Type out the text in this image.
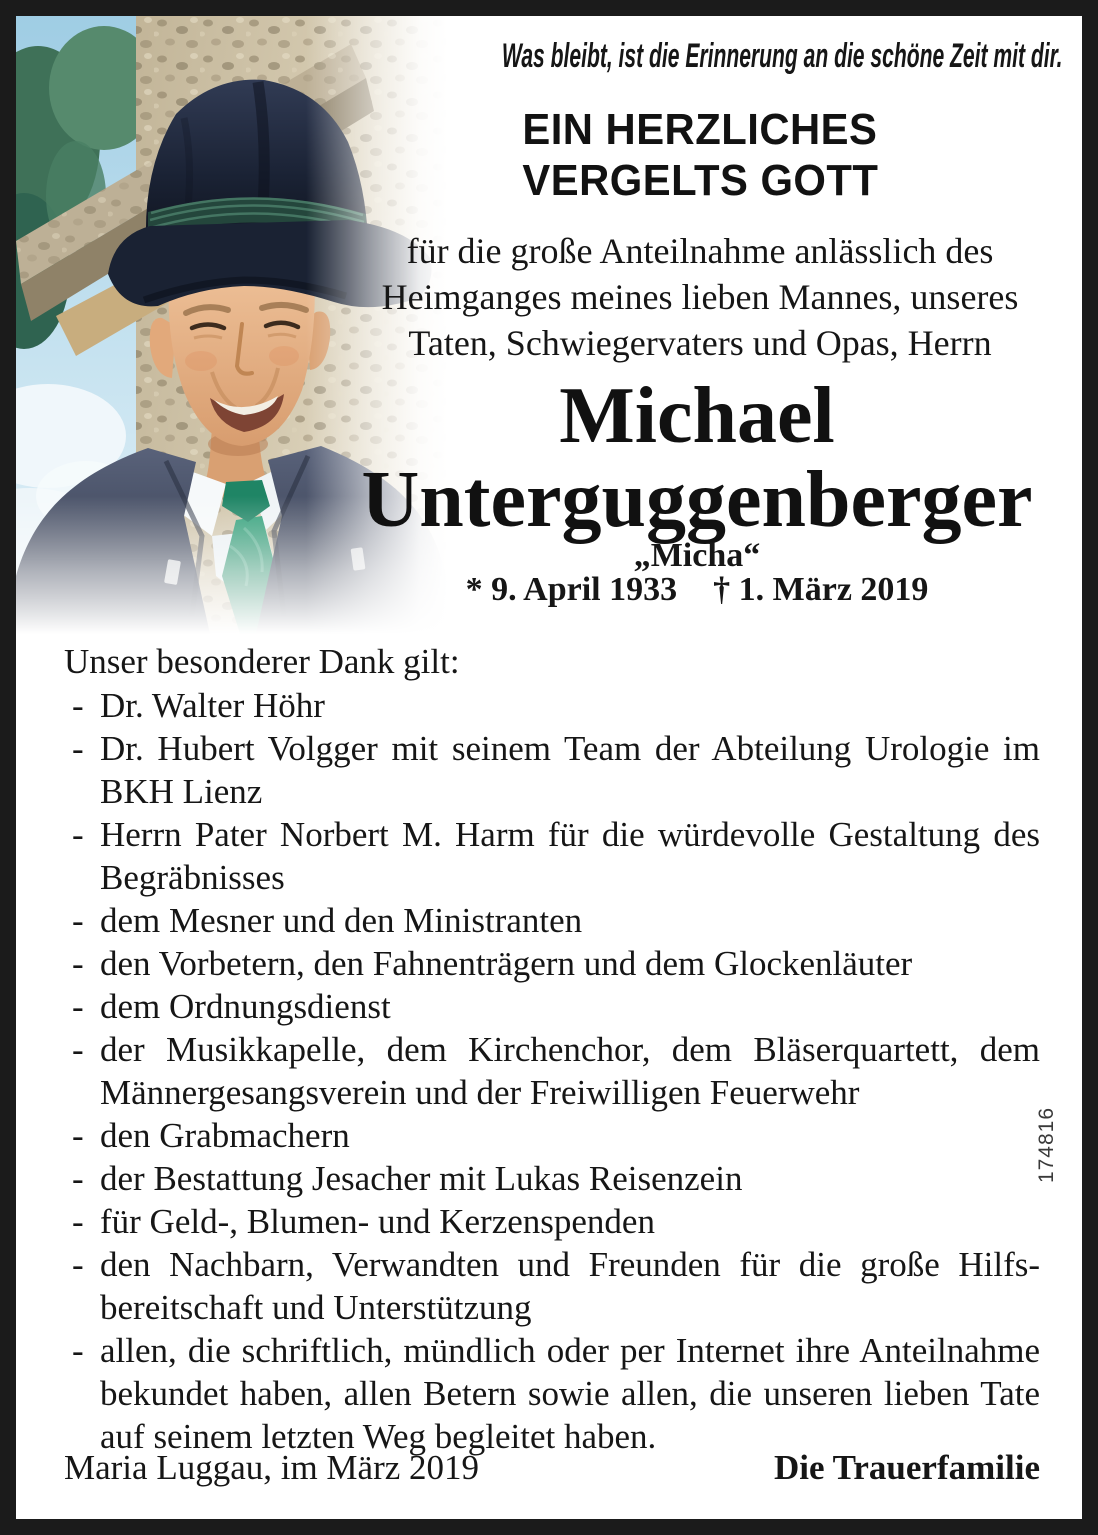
Was bleibt, ist die Erinnerung an die schöne Zeit mit dir.
EIN HERZLICHES
VERGELTS GOTT
für die große Anteilnahme anlässlich des
Heimganges meines lieben Mannes, unseres
Taten, Schwiegervaters und Opas, Herrn
Michael
Unterguggenberger
„Micha“
* 9. April 1933 † 1. März 2019
Unser besonderer Dank gilt:
- Dr. Walter Höhr
- Dr. Hubert Volgger mit seinem Team der Abteilung Urologie im BKH Lienz
- Herrn Pater Norbert M. Harm für die würdevolle Gestaltung des Begräbnisses
- dem Mesner und den Ministranten
- den Vorbetern, den Fahnenträgern und dem Glockenläuter
- dem Ordnungsdienst
- der Musikkapelle, dem Kirchenchor, dem Bläserquartett, dem Männergesangsverein und der Freiwilligen Feuerwehr
- den Grabmachern
- der Bestattung Jesacher mit Lukas Reisenzein
- für Geld-, Blumen- und Kerzenspenden
- den Nachbarn, Verwandten und Freunden für die große Hilfsbereitschaft und Unterstützung
- allen, die schriftlich, mündlich oder per Internet ihre Anteilnahme bekundet haben, allen Betern sowie allen, die unseren lieben Tate auf seinem letzten Weg begleitet haben.
Maria Luggau, im März 2019	Die Trauerfamilie
174816
